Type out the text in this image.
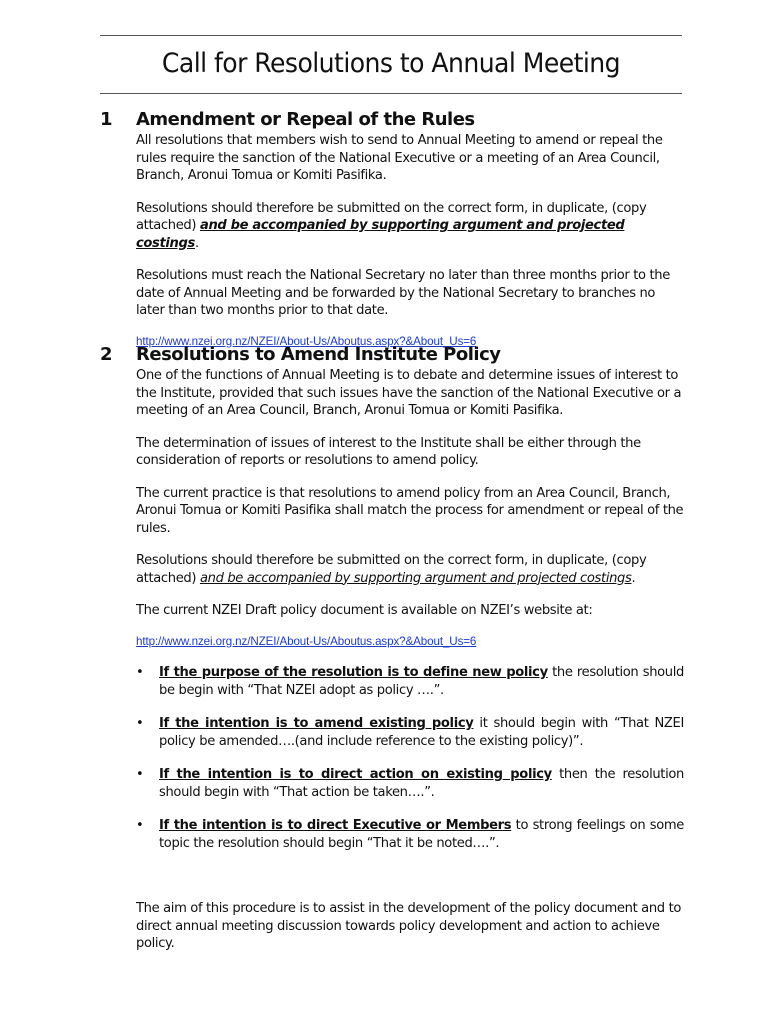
Call for Resolutions to Annual Meeting
1	Amendment or Repeal of the Rules

All resolutions that members wish to send to Annual Meeting to amend or repeal the rules require the sanction of the National Executive or a meeting of an Area Council, Branch, Aronui Tomua or Komiti Pasifika.

Resolutions should therefore be submitted on the correct form, in duplicate, (copy attached) and be accompanied by supporting argument and projected costings.

Resolutions must reach the National Secretary no later than three months prior to the date of Annual Meeting and be forwarded by the National Secretary to branches no later than two months prior to that date.

http://www.nzei.org.nz/NZEI/About-Us/Aboutus.aspx?&About_Us=6

2	Resolutions to Amend Institute Policy

One of the functions of Annual Meeting is to debate and determine issues of interest to the Institute, provided that such issues have the sanction of the National Executive or a meeting of an Area Council, Branch, Aronui Tomua or Komiti Pasifika.

The determination of issues of interest to the Institute shall be either through the consideration of reports or resolutions to amend policy.

The current practice is that resolutions to amend policy from an Area Council, Branch, Aronui Tomua or Komiti Pasifika shall match the process for amendment or repeal of the rules.

Resolutions should therefore be submitted on the correct form, in duplicate, (copy attached) and be accompanied by supporting argument and projected costings.

The current NZEI Draft policy document is available on NZEI’s website at:

http://www.nzei.org.nz/NZEI/About-Us/Aboutus.aspx?&About_Us=6

• If the purpose of the resolution is to define new policy the resolution should be begin with “That NZEI adopt as policy ….”.
• If the intention is to amend existing policy it should begin with “That NZEI policy be amended….(and include reference to the existing policy)”.
• If the intention is to direct action on existing policy then the resolution should begin with “That action be taken….”.
• If the intention is to direct Executive or Members to strong feelings on some topic the resolution should begin “That it be noted….”.

The aim of this procedure is to assist in the development of the policy document and to direct annual meeting discussion towards policy development and action to achieve policy.
